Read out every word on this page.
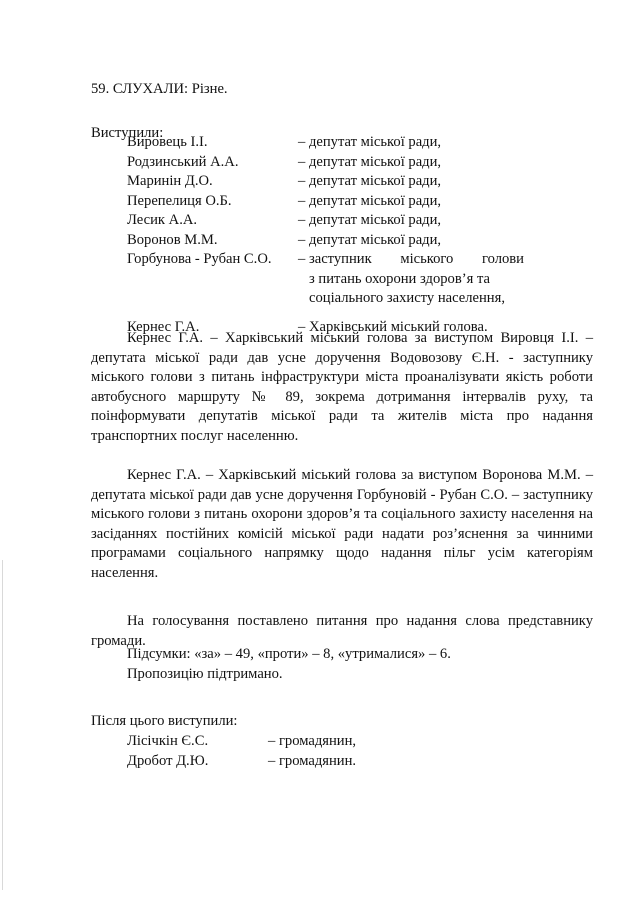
59. СЛУХАЛИ: Різне.
Виступили:
Вировець І.І.	– депутат міської ради,
Родзинський А.А.	– депутат міської ради,
Маринін Д.О.	– депутат міської ради,
Перепелиця О.Б.	– депутат міської ради,
Лесик А.А.	– депутат міської ради,
Воронов М.М.	– депутат міської ради,
Горбунова - Рубан С.О. – заступник міського голови
з питань охорони здоров’я та
соціального захисту населення,
Кернес Г.А.	– Харківський міський голова.
Кернес Г.А. – Харківський міський голова за виступом Вировця І.І. – депутата міської ради дав усне доручення Водовозову Є.Н. - заступнику міського голови з питань інфраструктури міста проаналізувати якість роботи автобусного маршруту № 89, зокрема дотримання інтервалів руху, та поінформувати депутатів міської ради та жителів міста про надання транспортних послуг населенню.
Кернес Г.А. – Харківський міський голова за виступом Воронова М.М. – депутата міської ради дав усне доручення Горбуновій - Рубан С.О. – заступнику міського голови з питань охорони здоров’я та соціального захисту населення на засіданнях постійних комісій міської ради надати роз’яснення за чинними програмами соціального напрямку щодо надання пільг усім категоріям населення.
На голосування поставлено питання про надання слова представнику громади.
Підсумки: «за» – 49, «проти» – 8, «утрималися» – 6.
Пропозицію підтримано.
Після цього виступили:
Лісічкін Є.С.	– громадянин,
Дробот Д.Ю.	– громадянин.
